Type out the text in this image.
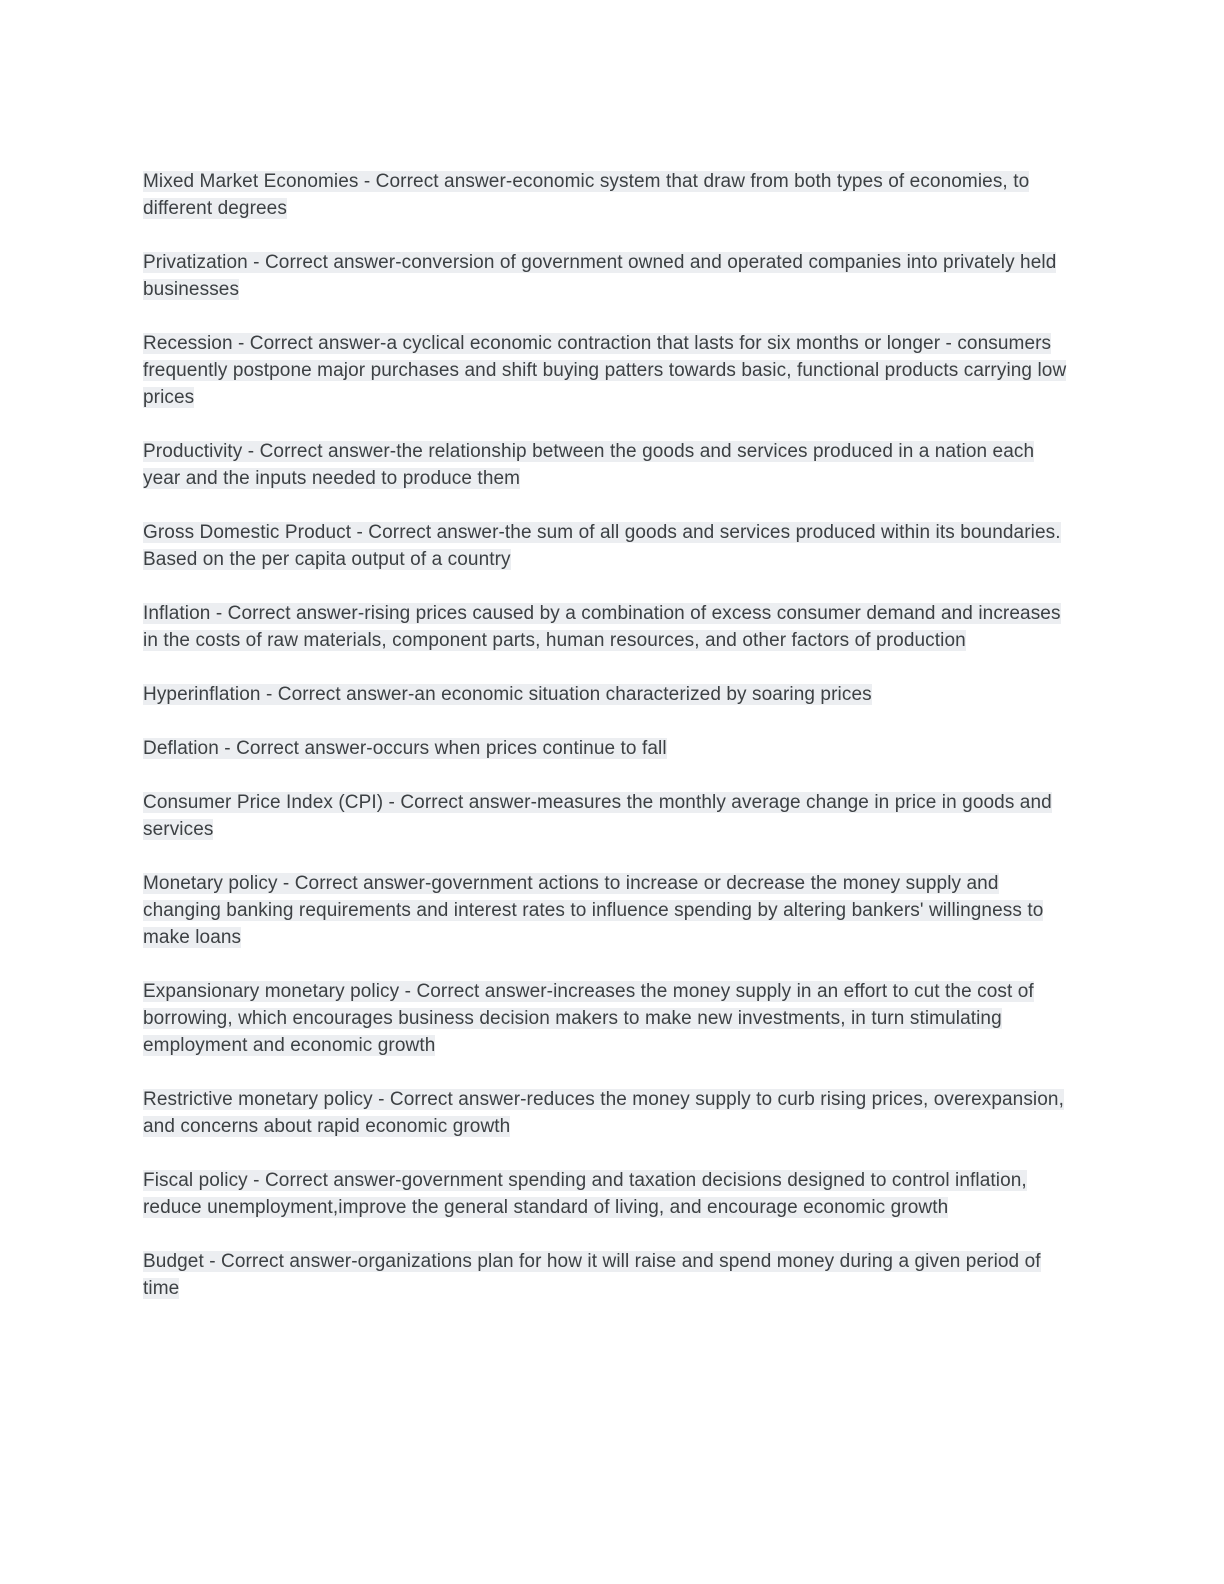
Mixed Market Economies - Correct answer-economic system that draw from both types of economies, to different degrees

Privatization - Correct answer-conversion of government owned and operated companies into privately held businesses

Recession - Correct answer-a cyclical economic contraction that lasts for six months or longer - consumers frequently postpone major purchases and shift buying patters towards basic, functional products carrying low prices

Productivity - Correct answer-the relationship between the goods and services produced in a nation each year and the inputs needed to produce them

Gross Domestic Product - Correct answer-the sum of all goods and services produced within its boundaries. Based on the per capita output of a country

Inflation - Correct answer-rising prices caused by a combination of excess consumer demand and increases in the costs of raw materials, component parts, human resources, and other factors of production

Hyperinflation - Correct answer-an economic situation characterized by soaring prices

Deflation - Correct answer-occurs when prices continue to fall

Consumer Price Index (CPI) - Correct answer-measures the monthly average change in price in goods and services

Monetary policy - Correct answer-government actions to increase or decrease the money supply and changing banking requirements and interest rates to influence spending by altering bankers' willingness to make loans

Expansionary monetary policy - Correct answer-increases the money supply in an effort to cut the cost of borrowing, which encourages business decision makers to make new investments, in turn stimulating employment and economic growth

Restrictive monetary policy - Correct answer-reduces the money supply to curb rising prices, overexpansion, and concerns about rapid economic growth

Fiscal policy - Correct answer-government spending and taxation decisions designed to control inflation, reduce unemployment,improve the general standard of living, and encourage economic growth

Budget - Correct answer-organizations plan for how it will raise and spend money during a given period of time
